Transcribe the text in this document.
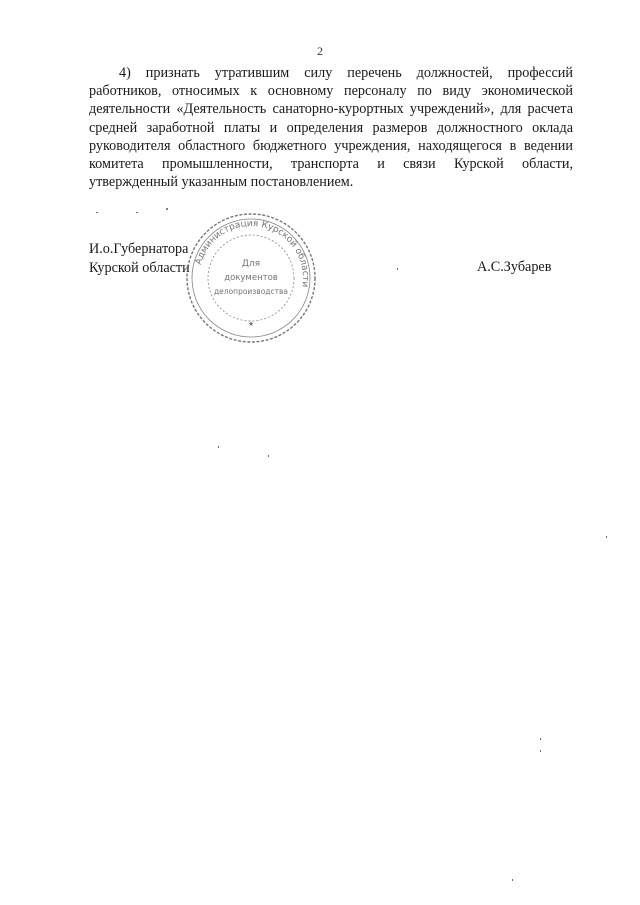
2

4) признать утратившим силу перечень должностей, профессий работников, относимых к основному персоналу по виду экономической деятельности «Деятельность санаторно-курортных учреждений», для расчета средней заработной платы и определения размеров должностного оклада руководителя областного бюджетного учреждения, находящегося в ведении комитета промышленности, транспорта и связи Курской области, утвержденный указанным постановлением.

И.о.Губернатора
Курской области Администрация Курской области
Для
документов
делопроизводства
★
А.С.Зубарев
